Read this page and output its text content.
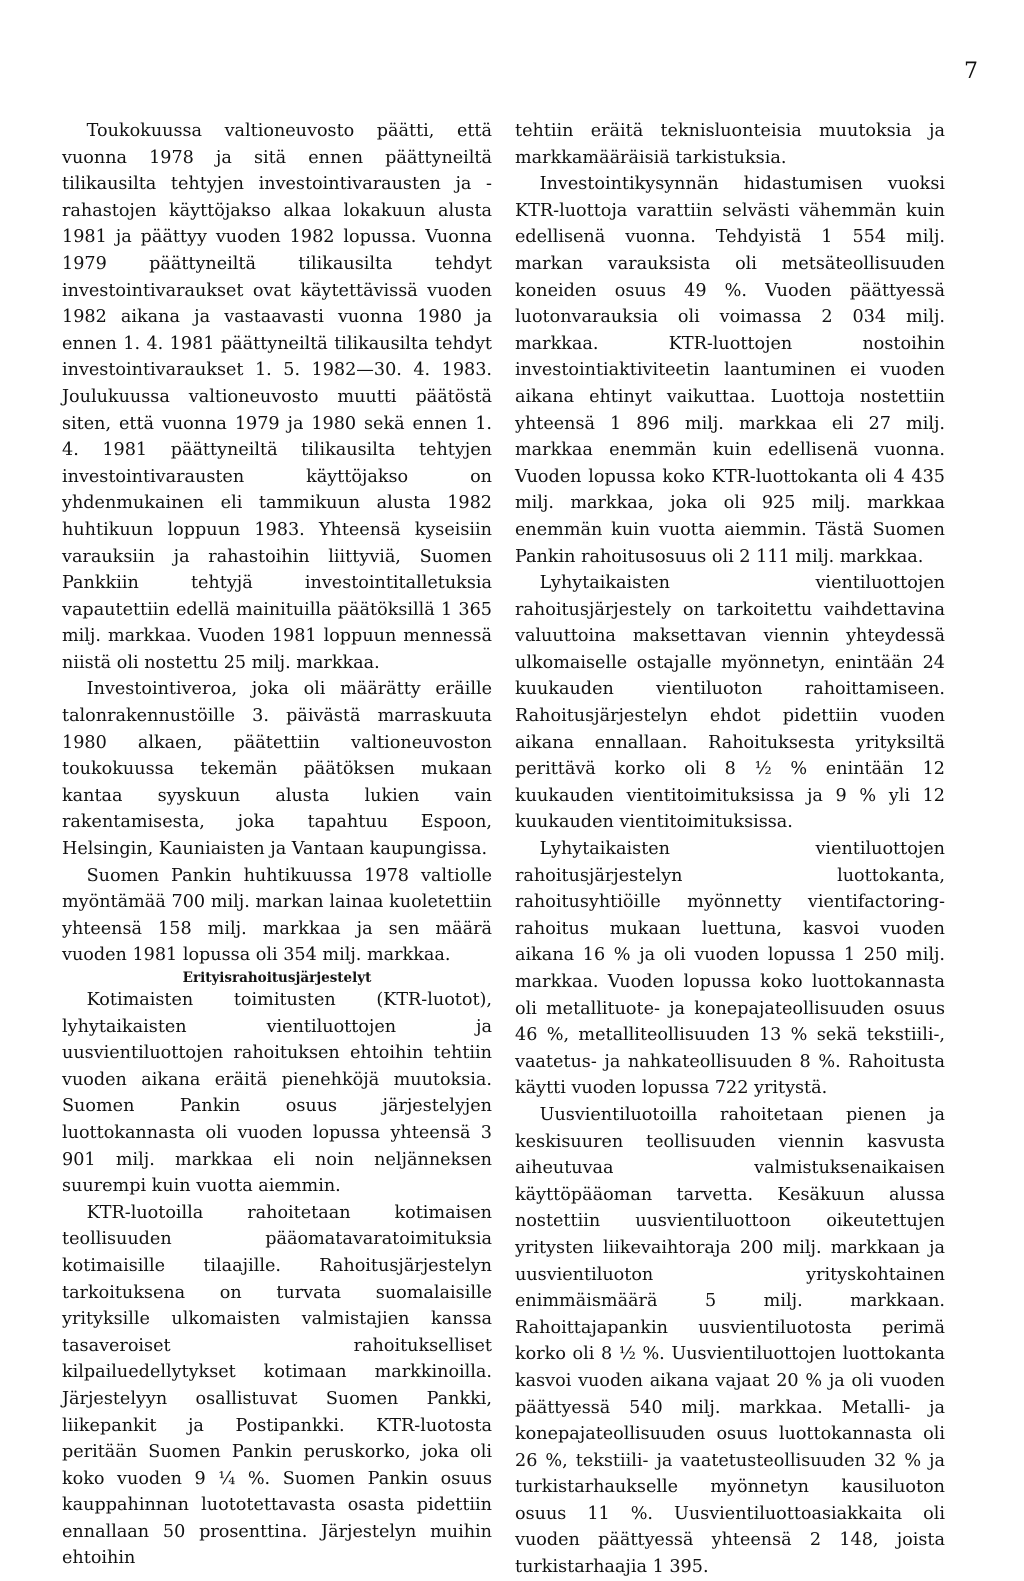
7

Toukokuussa valtioneuvosto päätti, että vuonna 1978 ja sitä ennen päättyneiltä tilikausilta tehtyjen investointivarausten ja -rahastojen käyttöjakso alkaa lokakuun alusta 1981 ja päättyy vuoden 1982 lopussa. Vuonna 1979 päättyneiltä tilikausilta tehdyt investointivaraukset ovat käytettävissä vuoden 1982 aikana ja vastaavasti vuonna 1980 ja ennen 1. 4. 1981 päättyneiltä tilikausilta tehdyt investointivaraukset 1. 5. 1982—30. 4. 1983. Joulukuussa valtioneuvosto muutti päätöstä siten, että vuonna 1979 ja 1980 sekä ennen 1. 4. 1981 päättyneiltä tilikausilta tehtyjen investointivarausten käyttöjakso on yhdenmukainen eli tammikuun alusta 1982 huhtikuun loppuun 1983. Yhteensä kyseisiin varauksiin ja rahastoihin liittyviä, Suomen Pankkiin tehtyjä investointitalletuksia vapautettiin edellä mainituilla päätöksillä 1 365 milj. markkaa. Vuoden 1981 loppuun mennessä niistä oli nostettu 25 milj. markkaa.

Investointiveroa, joka oli määrätty eräille talonrakennustöille 3. päivästä marraskuuta 1980 alkaen, päätettiin valtioneuvoston toukokuussa tekemän päätöksen mukaan kantaa syyskuun alusta lukien vain rakentamisesta, joka tapahtuu Espoon, Helsingin, Kauniaisten ja Vantaan kaupungissa.

Suomen Pankin huhtikuussa 1978 valtiolle myöntämää 700 milj. markan lainaa kuoletettiin yhteensä 158 milj. markkaa ja sen määrä vuoden 1981 lopussa oli 354 milj. markkaa.

Erityisrahoitusjärjestelyt

Kotimaisten toimitusten (KTR-luotot), lyhytaikaisten vientiluottojen ja uusvientiluottojen rahoituksen ehtoihin tehtiin vuoden aikana eräitä pienehköjä muutoksia. Suomen Pankin osuus järjestelyjen luottokannasta oli vuoden lopussa yhteensä 3 901 milj. markkaa eli noin neljänneksen suurempi kuin vuotta aiemmin.

KTR-luotoilla rahoitetaan kotimaisen teollisuuden pääomatavaratoimituksia kotimaisille tilaajille. Rahoitusjärjestelyn tarkoituksena on turvata suomalaisille yrityksille ulkomaisten valmistajien kanssa tasaveroiset rahoitukselliset kilpailuedellytykset kotimaan markkinoilla. Järjestelyyn osallistuvat Suomen Pankki, liikepankit ja Postipankki. KTR-luotosta peritään Suomen Pankin peruskorko, joka oli koko vuoden 9 ¼ %. Suomen Pankin osuus kauppahinnan luototettavasta osasta pidettiin ennallaan 50 prosenttina. Järjestelyn muihin ehtoihin

tehtiin eräitä teknisluonteisia muutoksia ja markkamääräisiä tarkistuksia.

Investointikysynnän hidastumisen vuoksi KTR-luottoja varattiin selvästi vähemmän kuin edellisenä vuonna. Tehdyistä 1 554 milj. markan varauksista oli metsäteollisuuden koneiden osuus 49 %. Vuoden päättyessä luotonvarauksia oli voimassa 2 034 milj. markkaa. KTR-luottojen nostoihin investointiaktiviteetin laantuminen ei vuoden aikana ehtinyt vaikuttaa. Luottoja nostettiin yhteensä 1 896 milj. markkaa eli 27 milj. markkaa enemmän kuin edellisenä vuonna. Vuoden lopussa koko KTR-luottokanta oli 4 435 milj. markkaa, joka oli 925 milj. markkaa enemmän kuin vuotta aiemmin. Tästä Suomen Pankin rahoitusosuus oli 2 111 milj. markkaa.

Lyhytaikaisten vientiluottojen rahoitusjärjestely on tarkoitettu vaihdettavina valuuttoina maksettavan viennin yhteydessä ulkomaiselle ostajalle myönnetyn, enintään 24 kuukauden vientiluoton rahoittamiseen. Rahoitusjärjestelyn ehdot pidettiin vuoden aikana ennallaan. Rahoituksesta yrityksiltä perittävä korko oli 8 ½ % enintään 12 kuukauden vientitoimituksissa ja 9 % yli 12 kuukauden vientitoimituksissa.

Lyhytaikaisten vientiluottojen rahoitusjärjestelyn luottokanta, rahoitusyhtiöille myönnetty vientifactoring-rahoitus mukaan luettuna, kasvoi vuoden aikana 16 % ja oli vuoden lopussa 1 250 milj. markkaa. Vuoden lopussa koko luottokannasta oli metallituote- ja konepajateollisuuden osuus 46 %, metalliteollisuuden 13 % sekä tekstiili-, vaatetus- ja nahkateollisuuden 8 %. Rahoitusta käytti vuoden lopussa 722 yritystä.

Uusvientiluotoilla rahoitetaan pienen ja keskisuuren teollisuuden viennin kasvusta aiheutuvaa valmistuksenaikaisen käyttöpääoman tarvetta. Kesäkuun alussa nostettiin uusvientiluottoon oikeutettujen yritysten liikevaihtoraja 200 milj. markkaan ja uusvientiluoton yrityskohtainen enimmäismäärä 5 milj. markkaan. Rahoittajapankin uusvientiluotosta perimä korko oli 8 ½ %. Uusvientiluottojen luottokanta kasvoi vuoden aikana vajaat 20 % ja oli vuoden päättyessä 540 milj. markkaa. Metalli- ja konepajateollisuuden osuus luottokannasta oli 26 %, tekstiili- ja vaatetusteollisuuden 32 % ja turkistarhaukselle myönnetyn kausiluoton osuus 11 %. Uusvientiluottoasiakkaita oli vuoden päättyessä yhteensä 2 148, joista turkistarhaajia 1 395.
